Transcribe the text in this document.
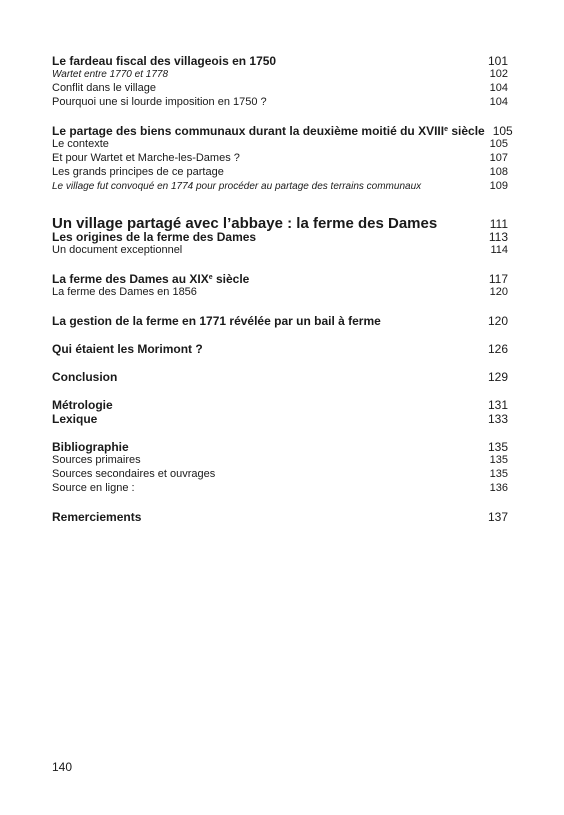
Le fardeau fiscal des villageois en 1750	101
Wartet entre 1770 et 1778	102
Conflit dans le village	104
Pourquoi une si lourde imposition en 1750 ?	104
Le partage des biens communaux durant la deuxième moitié du XVIIIe siècle 105
Le contexte	105
Et pour Wartet et Marche-les-Dames ?	107
Les grands principes de ce partage	108
Le village fut convoqué en 1774 pour procéder au partage des terrains communaux	109
Un village partagé avec l’abbaye : la ferme des Dames	111
Les origines de la ferme des Dames	113
Un document exceptionnel	114
La ferme des Dames au XIXe siècle	117
La ferme des Dames en 1856	120
La gestion de la ferme en 1771 révélée par un bail à ferme	120
Qui étaient les Morimont ?	126
Conclusion	129
Métrologie	131
Lexique	133
Bibliographie	135
Sources primaires	135
Sources secondaires et ouvrages	135
Source en ligne :	136
Remerciements	137
140
